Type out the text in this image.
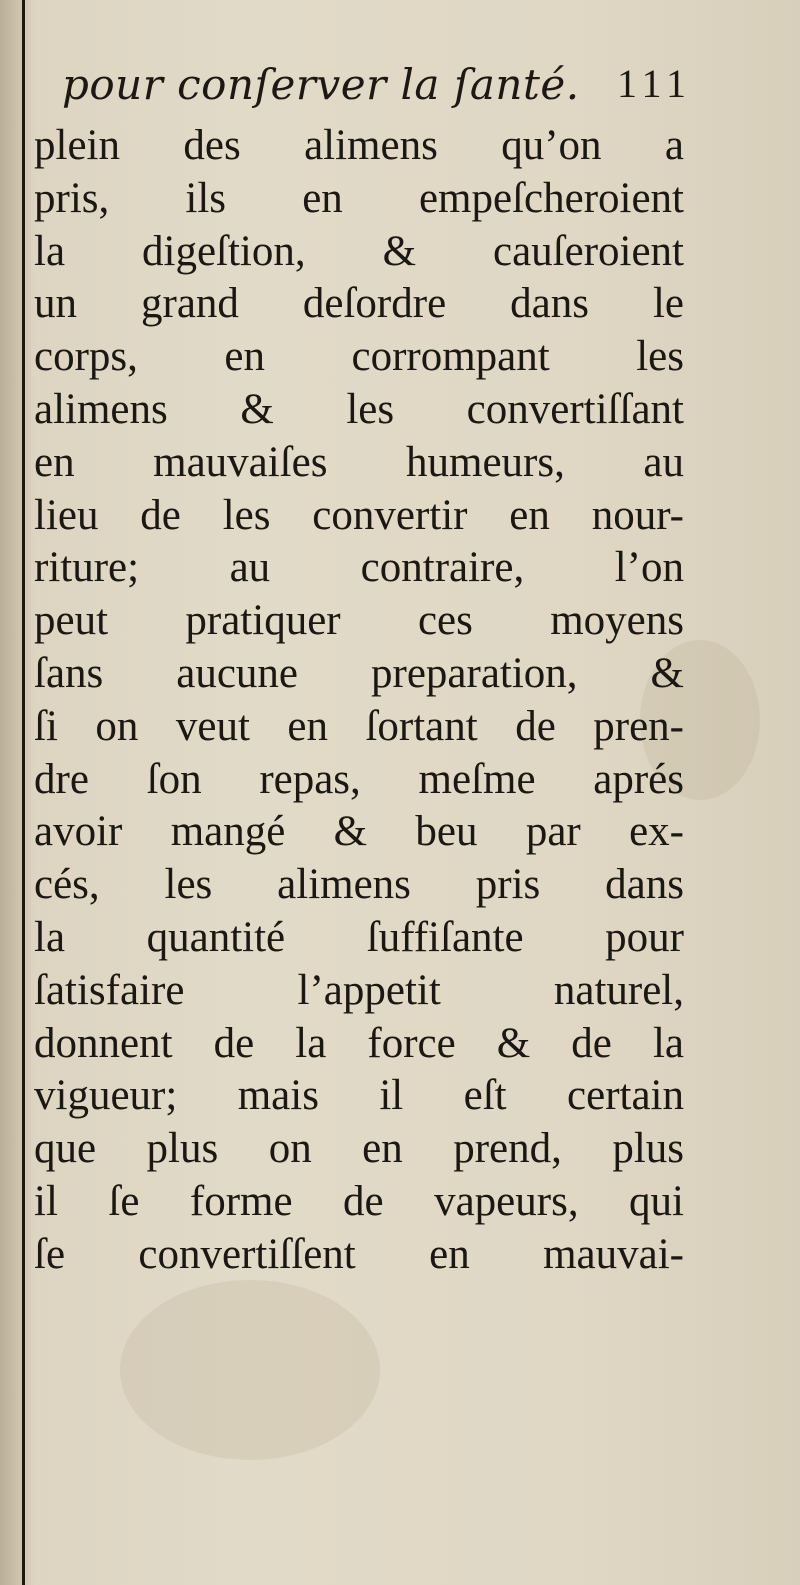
pour conſerver la ſanté. 111
plein des alimens qu’on a
pris, ils en empeſcheroient
la digeſtion, & cauſeroient
un grand deſordre dans le
corps, en corrompant les
alimens & les convertiſſant
en mauvaiſes humeurs, au
lieu de les convertir en nour-
riture; au contraire, l’on
peut pratiquer ces moyens
ſans aucune preparation, &
ſi on veut en ſortant de pren-
dre ſon repas, meſme aprés
avoir mangé & beu par ex-
cés, les alimens pris dans
la quantité ſuffiſante pour
ſatisfaire l’appetit naturel,
donnent de la force & de la
vigueur; mais il eſt certain
que plus on en prend, plus
il ſe forme de vapeurs, qui
ſe convertiſſent en mauvai-
